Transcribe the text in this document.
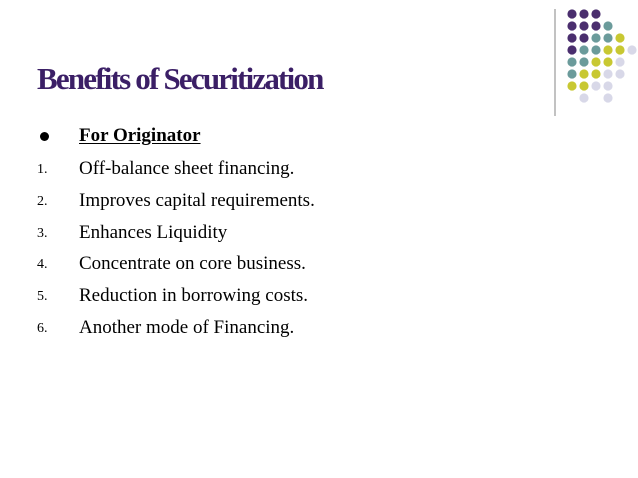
Benefits of Securitization
For Originator
1. Off-balance sheet financing.
2. Improves capital requirements.
3. Enhances Liquidity
4. Concentrate on core business.
5. Reduction in borrowing costs.
6. Another mode of Financing.
